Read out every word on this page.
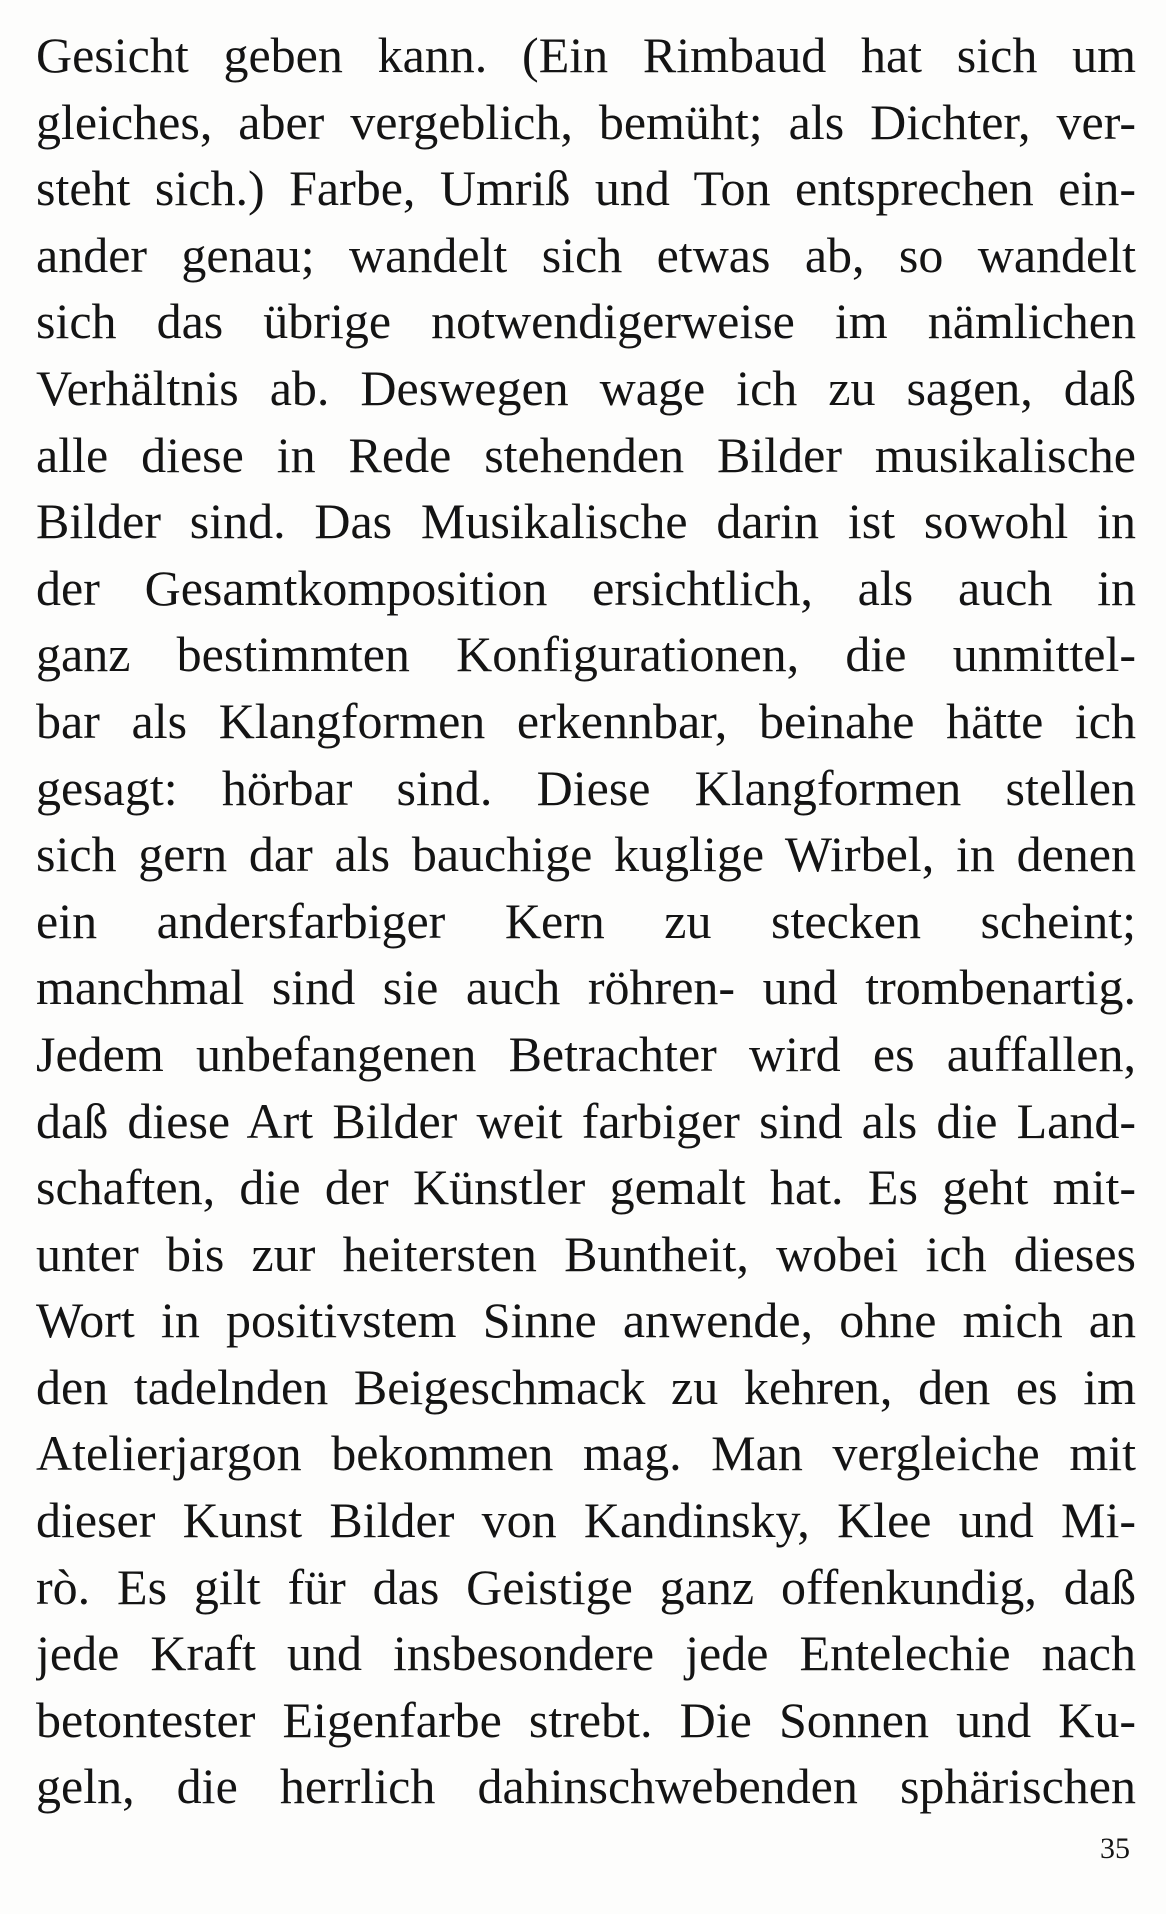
Gesicht geben kann. (Ein Rimbaud hat sich um
gleiches, aber vergeblich, bemüht; als Dichter, ver-
steht sich.) Farbe, Umriß und Ton entsprechen ein-
ander genau; wandelt sich etwas ab, so wandelt
sich das übrige notwendigerweise im nämlichen
Verhältnis ab. Deswegen wage ich zu sagen, daß
alle diese in Rede stehenden Bilder musikalische
Bilder sind. Das Musikalische darin ist sowohl in
der Gesamtkomposition ersichtlich, als auch in
ganz bestimmten Konfigurationen, die unmittel-
bar als Klangformen erkennbar, beinahe hätte ich
gesagt: hörbar sind. Diese Klangformen stellen
sich gern dar als bauchige kuglige Wirbel, in denen
ein andersfarbiger Kern zu stecken scheint;
manchmal sind sie auch röhren- und trombenartig.
Jedem unbefangenen Betrachter wird es auffallen,
daß diese Art Bilder weit farbiger sind als die Land-
schaften, die der Künstler gemalt hat. Es geht mit-
unter bis zur heitersten Buntheit, wobei ich dieses
Wort in positivstem Sinne anwende, ohne mich an
den tadelnden Beigeschmack zu kehren, den es im
Atelierjargon bekommen mag. Man vergleiche mit
dieser Kunst Bilder von Kandinsky, Klee und Mi-
rò. Es gilt für das Geistige ganz offenkundig, daß
jede Kraft und insbesondere jede Entelechie nach
betontester Eigenfarbe strebt. Die Sonnen und Ku-
geln, die herrlich dahinschwebenden sphärischen
35
